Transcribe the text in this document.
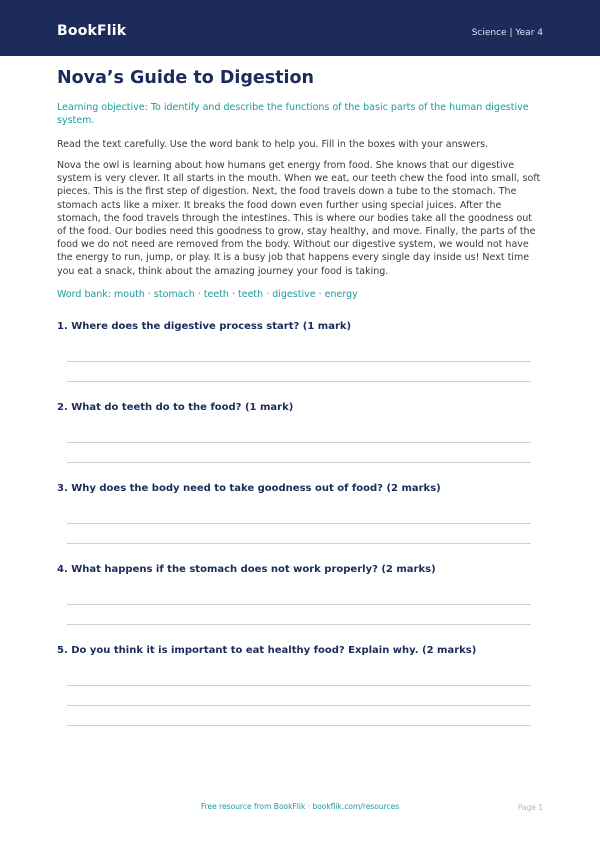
BookFlik	Science | Year 4
Nova’s Guide to Digestion
Learning objective: To identify and describe the functions of the basic parts of the human digestive system.
Read the text carefully. Use the word bank to help you. Fill in the boxes with your answers.
Nova the owl is learning about how humans get energy from food. She knows that our digestive system is very clever. It all starts in the mouth. When we eat, our teeth chew the food into small, soft pieces. This is the first step of digestion. Next, the food travels down a tube to the stomach. The stomach acts like a mixer. It breaks the food down even further using special juices. After the stomach, the food travels through the intestines. This is where our bodies take all the goodness out of the food. Our bodies need this goodness to grow, stay healthy, and move. Finally, the parts of the food we do not need are removed from the body. Without our digestive system, we would not have the energy to run, jump, or play. It is a busy job that happens every single day inside us! Next time you eat a snack, think about the amazing journey your food is taking.
Word bank: mouth · stomach · teeth · teeth · digestive · energy
1. Where does the digestive process start? (1 mark)
2. What do teeth do to the food? (1 mark)
3. Why does the body need to take goodness out of food? (2 marks)
4. What happens if the stomach does not work properly? (2 marks)
5. Do you think it is important to eat healthy food? Explain why. (2 marks)
Free resource from BookFlik · bookflik.com/resources	Page 1
